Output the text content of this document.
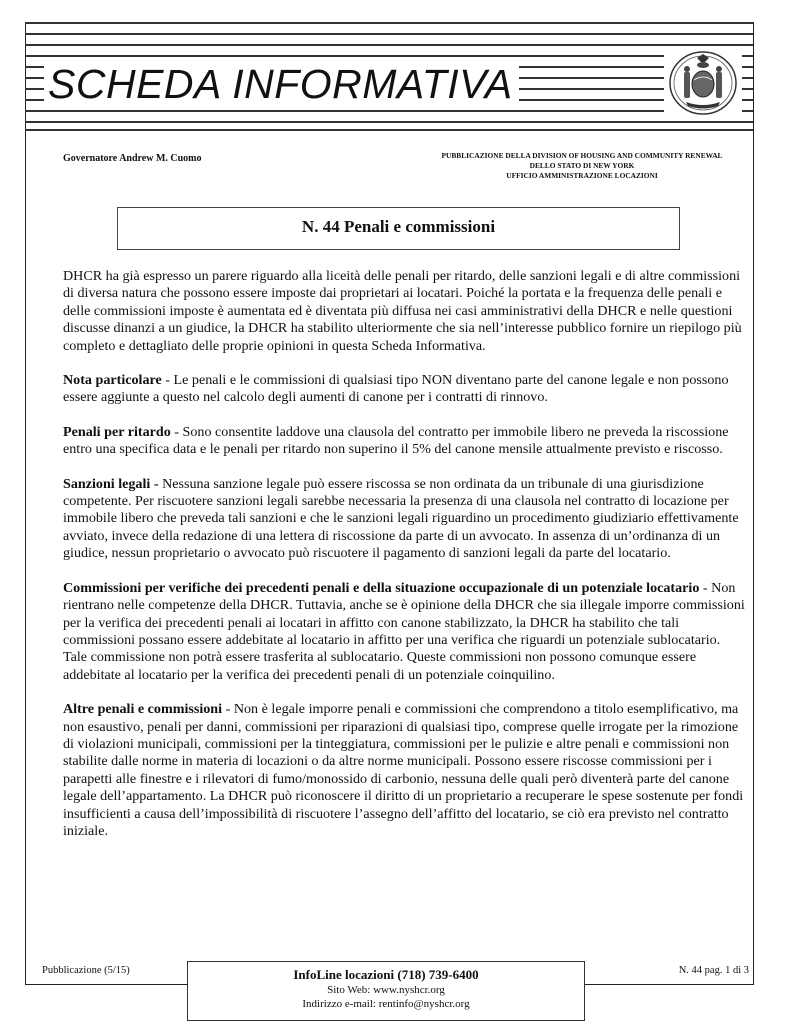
SCHEDA INFORMATIVA
Governatore Andrew M. Cuomo	PUBBLICAZIONE DELLA DIVISION OF HOUSING AND COMMUNITY RENEWAL
DELLO STATO DI NEW YORK
UFFICIO AMMINISTRAZIONE LOCAZIONI
N. 44 Penali e commissioni

DHCR ha già espresso un parere riguardo alla liceità delle penali per ritardo, delle sanzioni legali e di altre commissioni di diversa natura che possono essere imposte dai proprietari ai locatari. Poiché la portata e la frequenza delle penali e delle commissioni imposte è aumentata ed è diventata più diffusa nei casi amministrativi della DHCR e nelle questioni discusse dinanzi a un giudice, la DHCR ha stabilito ulteriormente che sia nell’interesse pubblico fornire un riepilogo più completo e dettagliato delle proprie opinioni in questa Scheda Informativa.

Nota particolare - Le penali e le commissioni di qualsiasi tipo NON diventano parte del canone legale e non possono essere aggiunte a questo nel calcolo degli aumenti di canone per i contratti di rinnovo.

Penali per ritardo - Sono consentite laddove una clausola del contratto per immobile libero ne preveda la riscossione entro una specifica data e le penali per ritardo non superino il 5% del canone mensile attualmente previsto e riscosso.

Sanzioni legali - Nessuna sanzione legale può essere riscossa se non ordinata da un tribunale di una giurisdizione competente. Per riscuotere sanzioni legali sarebbe necessaria la presenza di una clausola nel contratto di locazione per immobile libero che preveda tali sanzioni e che le sanzioni legali riguardino un procedimento giudiziario effettivamente avviato, invece della redazione di una lettera di riscossione da parte di un avvocato. In assenza di un’ordinanza di un giudice, nessun proprietario o avvocato può riscuotere il pagamento di sanzioni legali da parte del locatario.

Commissioni per verifiche dei precedenti penali e della situazione occupazionale di un potenziale locatario - Non rientrano nelle competenze della DHCR. Tuttavia, anche se è opinione della DHCR che sia illegale imporre commissioni per la verifica dei precedenti penali ai locatari in affitto con canone stabilizzato, la DHCR ha stabilito che tali commissioni possano essere addebitate al locatario in affitto per una verifica che riguardi un potenziale sublocatario. Tale commissione non potrà essere trasferita al sublocatario. Queste commissioni non possono comunque essere addebitate al locatario per la verifica dei precedenti penali di un potenziale coinquilino.

Altre penali e commissioni - Non è legale imporre penali e commissioni che comprendono a titolo esemplificativo, ma non esaustivo, penali per danni, commissioni per riparazioni di qualsiasi tipo, comprese quelle irrogate per la rimozione di violazioni municipali, commissioni per la tinteggiatura, commissioni per le pulizie e altre penali e commissioni non stabilite dalle norme in materia di locazioni o da altre norme municipali. Possono essere riscosse commissioni per i parapetti alle finestre e i rilevatori di fumo/monossido di carbonio, nessuna delle quali però diventerà parte del canone legale dell’appartamento. La DHCR può riconoscere il diritto di un proprietario a recuperare le spese sostenute per fondi insufficienti a causa dell’impossibilità di riscuotere l’assegno dell’affitto del locatario, se ciò era previsto nel contratto iniziale.

Pubblicazione (5/15)	N. 44 pag. 1 di 3
InfoLine locazioni (718) 739-6400
Sito Web: www.nyshcr.org
Indirizzo e-mail: rentinfo@nyshcr.org
